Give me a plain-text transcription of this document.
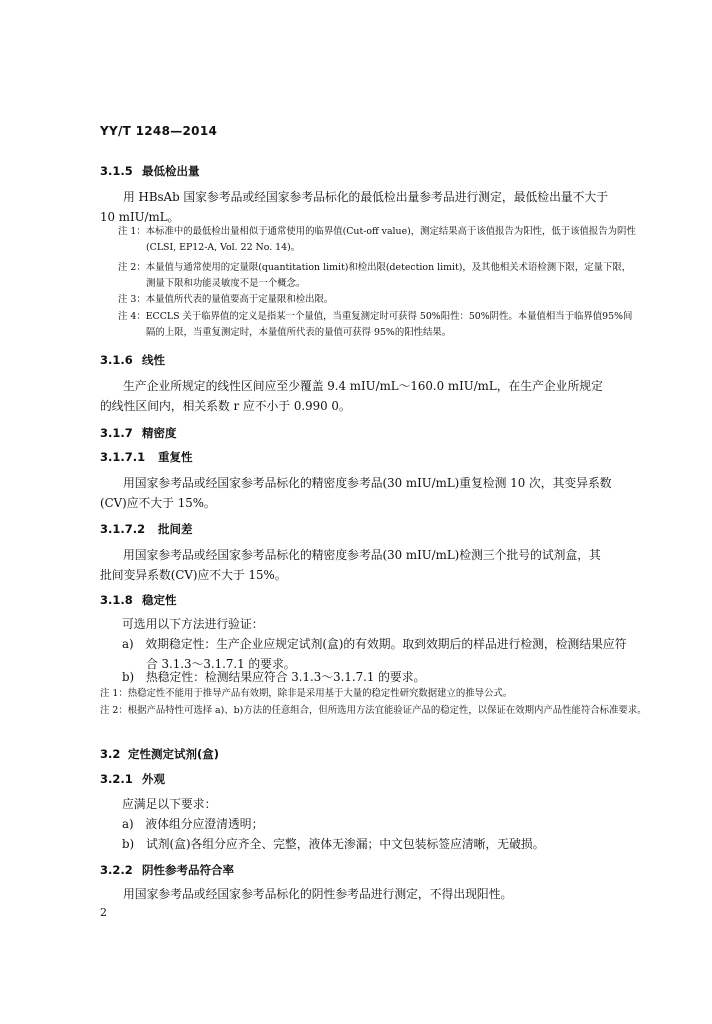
YY/T 1248—2014
3.1.5 最低检出量
用 HBsAb 国家参考品或经国家参考品标化的最低检出量参考品进行测定，最低检出量不大于10 mIU/mL。
注 1：本标准中的最低检出量相似于通常使用的临界值(Cut-off value)，测定结果高于该值报告为阳性，低于该值报告为阴性(CLSI, EP12-A, Vol. 22 No. 14)。
注 2：本量值与通常使用的定量限(quantitation limit)和检出限(detection limit)，及其他相关术语检测下限，定量下限，测量下限和功能灵敏度不是一个概念。
注 3：本量值所代表的量值要高于定量限和检出限。
注 4：ECCLS 关于临界值的定义是指某一个量值，当重复测定时可获得 50%阳性：50%阴性。本量值相当于临界值95%间隔的上限，当重复测定时，本量值所代表的量值可获得 95%的阳性结果。
3.1.6 线性
生产企业所规定的线性区间应至少覆盖 9.4 mIU/mL～160.0 mIU/mL，在生产企业所规定的线性区间内，相关系数 r 应不小于 0.990 0。
3.1.7 精密度
3.1.7.1 重复性
用国家参考品或经国家参考品标化的精密度参考品(30 mIU/mL)重复检测 10 次，其变异系数(CV)应不大于 15%。
3.1.7.2 批间差
用国家参考品或经国家参考品标化的精密度参考品(30 mIU/mL)检测三个批号的试剂盒，其批间变异系数(CV)应不大于 15%。
3.1.8 稳定性
可选用以下方法进行验证：
a)　效期稳定性：生产企业应规定试剂(盒)的有效期。取到效期后的样品进行检测，检测结果应符合 3.1.3～3.1.7.1 的要求。
b)　热稳定性：检测结果应符合 3.1.3～3.1.7.1 的要求。
注 1：热稳定性不能用于推导产品有效期，除非是采用基于大量的稳定性研究数据建立的推导公式。
注 2：根据产品特性可选择 a)、b)方法的任意组合，但所选用方法宜能验证产品的稳定性，以保证在效期内产品性能符合标准要求。
3.2 定性测定试剂(盒)
3.2.1 外观
应满足以下要求：
a)　液体组分应澄清透明；
b)　试剂(盒)各组分应齐全、完整，液体无渗漏；中文包装标签应清晰，无破损。
3.2.2 阴性参考品符合率
用国家参考品或经国家参考品标化的阴性参考品进行测定，不得出现阳性。
2
